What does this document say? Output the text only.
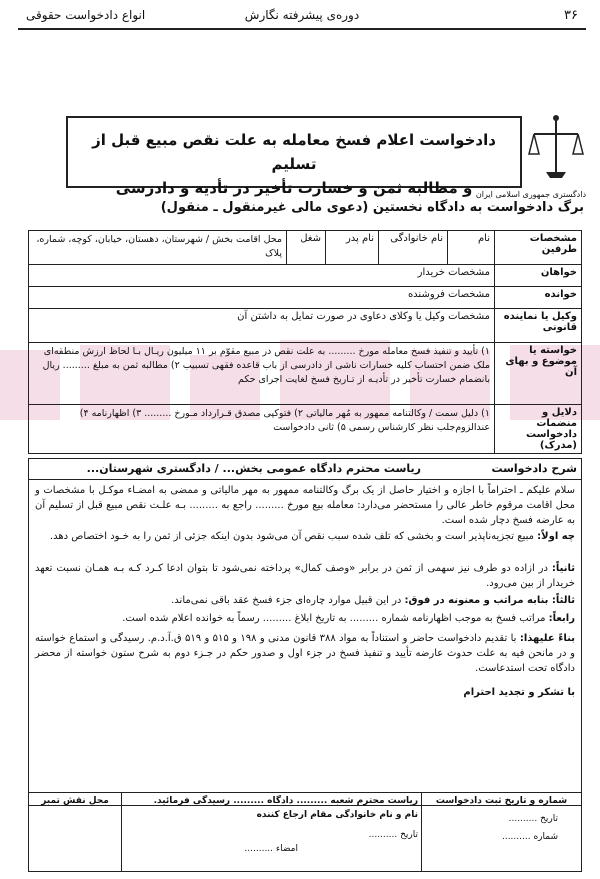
۳۶
دوره‌ی پیشرفته نگارش
انواع دادخواست حقوقی
دادخواست اعلام فسخ معامله به علت نقص مبیع قبل از تسلیم
و مطالبه ثمن و خسارت تأخیر در تأدیه و دادرسی دادگستری جمهوری اسلامی ایران
برگ دادخواست به دادگاه نخستین (دعوی مالی غیرمنقول ـ منقول)
مشخصات طرفین	نام	نام خانوادگی	نام پدر	شغل	محل اقامت بخش / شهرستان، دهستان، خیابان، کوچه، شماره، پلاک
خواهان	مشخصات خریدار				
خوانده	مشخصات فروشنده				
وکیل یا نماینده قانونی	مشخصات وکیل یا وکلای دعاوی در صورت تمایل به داشتن آن				
خواسته یا موضوع و بهای آن	۱) تأیید و تنفیذ فسخ معامله مورخ ......... به علت نقص در مبیع مقوّم بر ۱۱ میلیون ریـال بـا لحاظ ارزش منطقه‌ای ملک ضمن احتساب کلیه خسارات ناشی از دادرسی از باب قاعده فقهی تسبیب ۲) مطالبه ثمن به مبلغ ......... ریال بانضمام خسارت تأخیر در تأدیـه از تـاریخ فسخ لغایت اجرای حکم				
دلایل و منضمات دادخواست (مدرک)	۱) دلیل سمت / وکالتنامه ممهور به مُهر مالیاتی ۲) فتوکپی مصدق قـرارداد مـورخ ......... ۳) اظهارنامه ۴) عندالزوم‌جلب نظر کارشناس رسمی ۵) ثانی دادخواست				
شرح دادخواست
ریاست محترم دادگاه عمومی بخش... / دادگستری شهرستان...
سلام علیکم ـ احتراماً با اجازه و اختیار حاصل از یک برگ وکالتنامه ممهور به مهر مالیاتی و ممضی به امضـاء موکـل با مشخصات و محل اقامت مرقوم خاطر عالی را مستحضر می‌دارد: معامله بیع مورخ ......... راجع به ......... بـه علـت نقص مبیع قبل از تسلیم آن به عارضه فسخ دچار شده است.
چه اولاً: مبیع تجزیه‌ناپذیر است و بخشی که تلف شده سبب نقص آن می‌شود بدون اینکه جزئی از ثمن را به خـود اختصاص دهد.
ثانیاً: در ازاده دو طرف نیز سهمی از ثمن در برابر «وصف کمال» پرداخته نمی‌شود تا بتوان ادعا کـرد کـه بـه همـان نسبت تعهد خریدار از بین می‌رود.
ثالثاً: بنابه مراتب و معنونه در فوق: در این قبیل موارد چاره‌ای جزء فسخ عقد باقی نمی‌ماند.
رابعاً: مراتب فسخ به موجب اظهارنامه شماره ......... به تاریخ ابلاغ ......... رسماً به خوانده اعلام شده است.
بناءً علیهذا: با تقدیم دادخواست حاضر و استناداً به مواد ۳۸۸ قانون مدنی و ۱۹۸ و ۵۱۵ و ۵۱۹ ق.آ.د.م. رسیدگی و استماع خواسته و در مانحن فیه به علت حدوث عارضه تأیید و تنفیذ فسخ در جزء اول و صدور حکم در جـزء دوم به شرح ستون خواسته از محضر دادگاه تحت استدعاست.
با تشکر و تجدید احترام
شماره و تاریخ ثبت دادخواست
تاریخ ..........
شماره ..........
ریاست محترم شعبه ......... دادگاه ......... رسیدگی فرمائید.
نام و نام خانوادگی مقام ارجاع کننده
تاریخ ..........
امضاء ..........
محل نقش تمبر
